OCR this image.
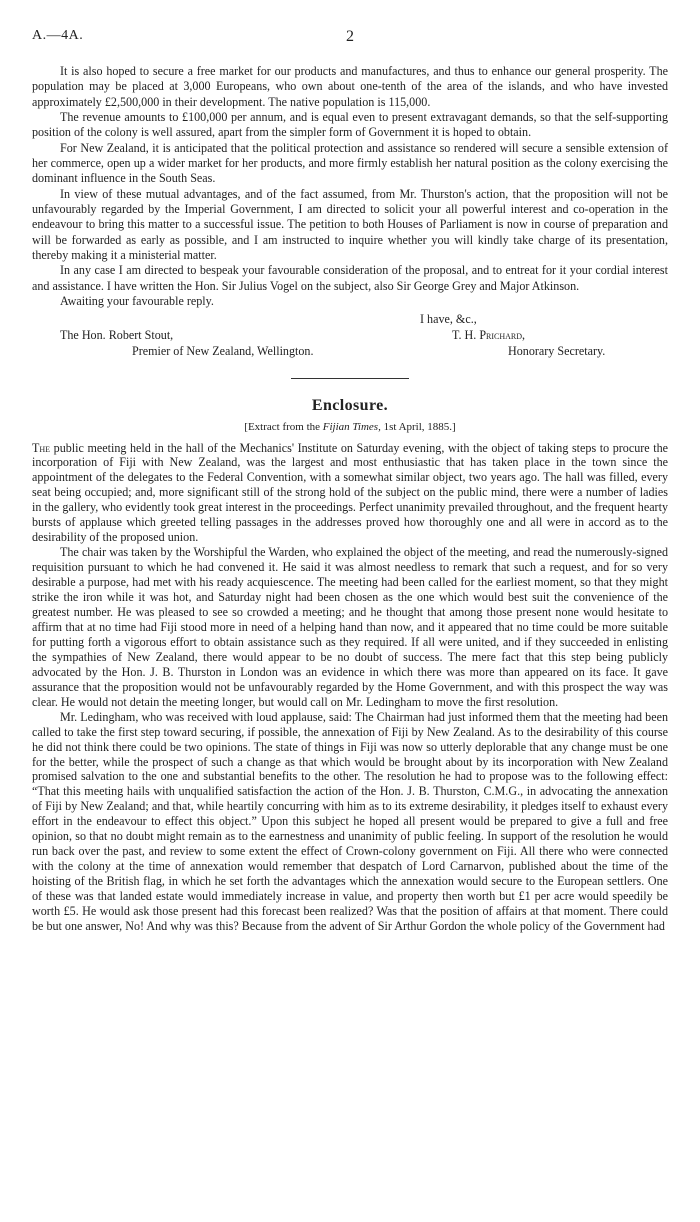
A.—4A.	2

It is also hoped to secure a free market for our products and manufactures, and thus to enhance our general prosperity. The population may be placed at 3,000 Europeans, who own about one-tenth of the area of the islands, and who have invested approximately £2,500,000 in their development. The native population is 115,000.

The revenue amounts to £100,000 per annum, and is equal even to present extravagant demands, so that the self-supporting position of the colony is well assured, apart from the simpler form of Government it is hoped to obtain.

For New Zealand, it is anticipated that the political protection and assistance so rendered will secure a sensible extension of her commerce, open up a wider market for her products, and more firmly establish her natural position as the colony exercising the dominant influence in the South Seas.

In view of these mutual advantages, and of the fact assumed, from Mr. Thurston's action, that the proposition will not be unfavourably regarded by the Imperial Government, I am directed to solicit your all powerful interest and co-operation in the endeavour to bring this matter to a successful issue. The petition to both Houses of Parliament is now in course of preparation and will be forwarded as early as possible, and I am instructed to inquire whether you will kindly take charge of its presentation, thereby making it a ministerial matter.

In any case I am directed to bespeak your favourable consideration of the proposal, and to entreat for it your cordial interest and assistance. I have written the Hon. Sir Julius Vogel on the subject, also Sir George Grey and Major Atkinson.

Awaiting your favourable reply.

I have, &c.,
The Hon. Robert Stout,
Premier of New Zealand, Wellington.
T. H. Prichard,
Honorary Secretary.
Enclosure.
[Extract from the Fijian Times, 1st April, 1885.]

The public meeting held in the hall of the Mechanics' Institute on Saturday evening, with the object of taking steps to procure the incorporation of Fiji with New Zealand, was the largest and most enthusiastic that has taken place in the town since the appointment of the delegates to the Federal Convention, with a somewhat similar object, two years ago. The hall was filled, every seat being occupied; and, more significant still of the strong hold of the subject on the public mind, there were a number of ladies in the gallery, who evidently took great interest in the proceedings. Perfect unanimity prevailed throughout, and the frequent hearty bursts of applause which greeted telling passages in the addresses proved how thoroughly one and all were in accord as to the desirability of the proposed union.

The chair was taken by the Worshipful the Warden, who explained the object of the meeting, and read the numerously-signed requisition pursuant to which he had convened it. He said it was almost needless to remark that such a request, and for so very desirable a purpose, had met with his ready acquiescence. The meeting had been called for the earliest moment, so that they might strike the iron while it was hot, and Saturday night had been chosen as the one which would best suit the convenience of the greatest number. He was pleased to see so crowded a meeting; and he thought that among those present none would hesitate to affirm that at no time had Fiji stood more in need of a helping hand than now, and it appeared that no time could be more suitable for putting forth a vigorous effort to obtain assistance such as they required. If all were united, and if they succeeded in enlisting the sympathies of New Zealand, there would appear to be no doubt of success. The mere fact that this step being publicly advocated by the Hon. J. B. Thurston in London was an evidence in which there was more than appeared on its face. It gave assurance that the proposition would not be unfavourably regarded by the Home Government, and with this prospect the way was clear. He would not detain the meeting longer, but would call on Mr. Ledingham to move the first resolution.

Mr. Ledingham, who was received with loud applause, said: The Chairman had just informed them that the meeting had been called to take the first step toward securing, if possible, the annexation of Fiji by New Zealand. As to the desirability of this course he did not think there could be two opinions. The state of things in Fiji was now so utterly deplorable that any change must be one for the better, while the prospect of such a change as that which would be brought about by its incorporation with New Zealand promised salvation to the one and substantial benefits to the other. The resolution he had to propose was to the following effect: “That this meeting hails with unqualified satisfaction the action of the Hon. J. B. Thurston, C.M.G., in advocating the annexation of Fiji by New Zealand; and that, while heartily concurring with him as to its extreme desirability, it pledges itself to exhaust every effort in the endeavour to effect this object.” Upon this subject he hoped all present would be prepared to give a full and free opinion, so that no doubt might remain as to the earnestness and unanimity of public feeling. In support of the resolution he would run back over the past, and review to some extent the effect of Crown-colony government on Fiji. All there who were connected with the colony at the time of annexation would remember that despatch of Lord Carnarvon, published about the time of the hoisting of the British flag, in which he set forth the advantages which the annexation would secure to the European settlers. One of these was that landed estate would immediately increase in value, and property then worth but £1 per acre would speedily be worth £5. He would ask those present had this forecast been realized? Was that the position of affairs at that moment. There could be but one answer, No! And why was this? Because from the advent of Sir Arthur Gordon the whole policy of the Government had
